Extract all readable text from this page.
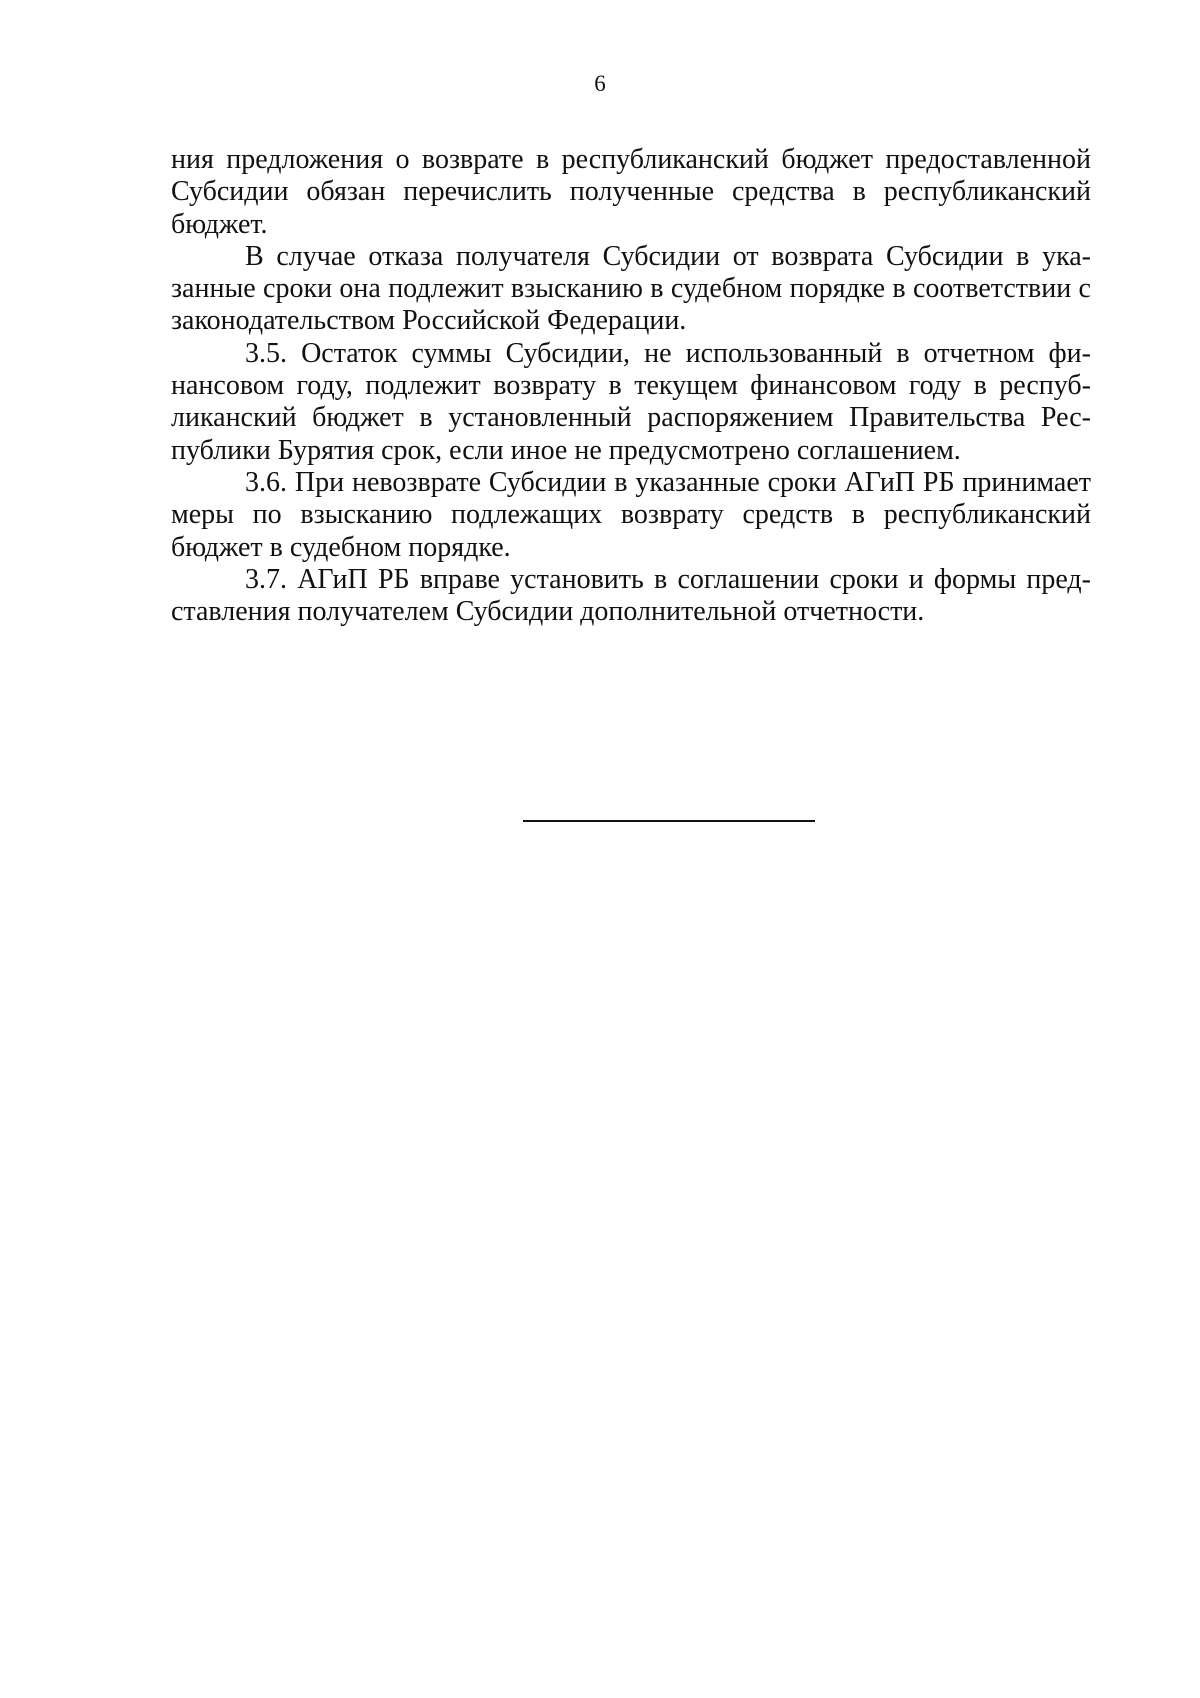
6

ния предложения о возврате в республиканский бюджет предоставленной Субсидии обязан перечислить полученные средства в республиканский бюджет.

В случае отказа получателя Субсидии от возврата Субсидии в указанные сроки она подлежит взысканию в судебном порядке в соответствии с законодательством Российской Федерации.

3.5. Остаток суммы Субсидии, не использованный в отчетном финансовом году, подлежит возврату в текущем финансовом году в республиканский бюджет в установленный распоряжением Правительства Республики Бурятия срок, если иное не предусмотрено соглашением.

3.6. При невозврате Субсидии в указанные сроки АГиП РБ принимает меры по взысканию подлежащих возврату средств в республиканский бюджет в судебном порядке.

3.7. АГиП РБ вправе установить в соглашении сроки и формы представления получателем Субсидии дополнительной отчетности.
